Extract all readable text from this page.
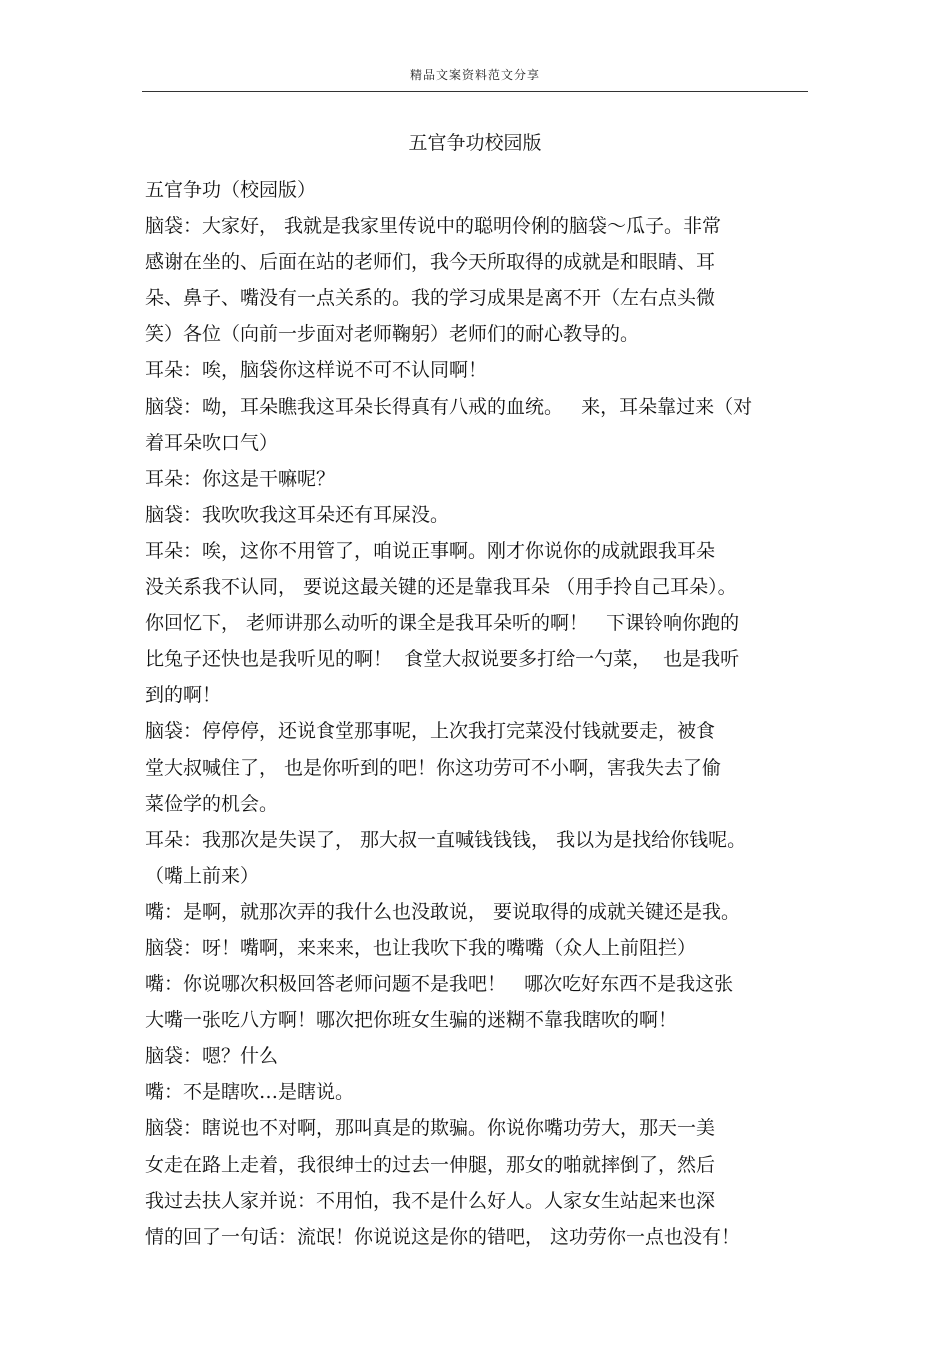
精品文案资料范文分享
五官争功校园版
五官争功（校园版）
脑袋：大家好， 我就是我家里传说中的聪明伶俐的脑袋～瓜子。非常
感谢在坐的、后面在站的老师们，我今天所取得的成就是和眼睛、耳
朵、鼻子、嘴没有一点关系的。我的学习成果是离不开（左右点头微
笑）各位（向前一步面对老师鞠躬）老师们的耐心教导的。
耳朵：唉，脑袋你这样说不可不认同啊！
脑袋：呦，耳朵瞧我这耳朵长得真有八戒的血统。   来，耳朵靠过来（对
着耳朵吹口气）
耳朵：你这是干嘛呢？
脑袋：我吹吹我这耳朵还有耳屎没。
耳朵：唉，这你不用管了，咱说正事啊。刚才你说你的成就跟我耳朵
没关系我不认同， 要说这最关键的还是靠我耳朵 （用手拎自己耳朵）。
你回忆下， 老师讲那么动听的课全是我耳朵听的啊！   下课铃响你跑的
比兔子还快也是我听见的啊！  食堂大叔说要多打给一勺菜，  也是我听
到的啊！
脑袋：停停停，还说食堂那事呢，上次我打完菜没付钱就要走，被食
堂大叔喊住了， 也是你听到的吧！你这功劳可不小啊，害我失去了偷
菜俭学的机会。
耳朵：我那次是失误了， 那大叔一直喊钱钱钱， 我以为是找给你钱呢。
（嘴上前来）
嘴：是啊，就那次弄的我什么也没敢说， 要说取得的成就关键还是我。
脑袋：呀！嘴啊，来来来，也让我吹下我的嘴嘴（众人上前阻拦）
嘴：你说哪次积极回答老师问题不是我吧！   哪次吃好东西不是我这张
大嘴一张吃八方啊！哪次把你班女生骗的迷糊不靠我瞎吹的啊！
脑袋：嗯？什么
嘴：不是瞎吹…是瞎说。
脑袋：瞎说也不对啊，那叫真是的欺骗。你说你嘴功劳大，那天一美
女走在路上走着，我很绅士的过去一伸腿，那女的啪就摔倒了，然后
我过去扶人家并说：不用怕，我不是什么好人。人家女生站起来也深
情的回了一句话：流氓！你说说这是你的错吧， 这功劳你一点也没有！
